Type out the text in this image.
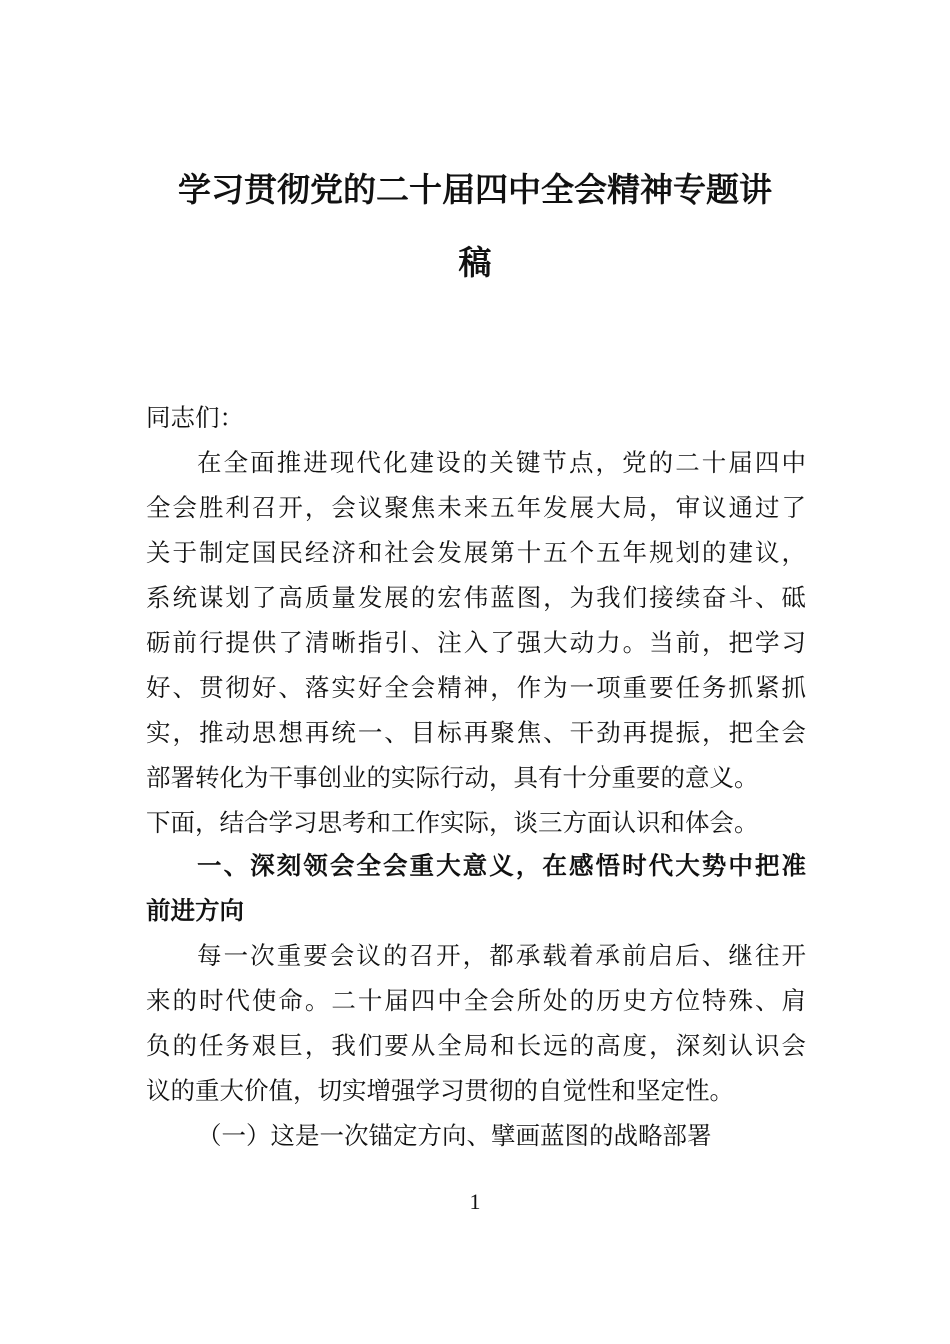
学习贯彻党的二十届四中全会精神专题讲
稿
同志们：
在全面推进现代化建设的关键节点，党的二十届四中
全会胜利召开，会议聚焦未来五年发展大局，审议通过了
关于制定国民经济和社会发展第十五个五年规划的建议，
系统谋划了高质量发展的宏伟蓝图，为我们接续奋斗、砥
砺前行提供了清晰指引、注入了强大动力。当前，把学习
好、贯彻好、落实好全会精神，作为一项重要任务抓紧抓
实，推动思想再统一、目标再聚焦、干劲再提振，把全会
部署转化为干事创业的实际行动，具有十分重要的意义。
下面，结合学习思考和工作实际，谈三方面认识和体会。
一、深刻领会全会重大意义，在感悟时代大势中把准
前进方向
每一次重要会议的召开，都承载着承前启后、继往开
来的时代使命。二十届四中全会所处的历史方位特殊、肩
负的任务艰巨，我们要从全局和长远的高度，深刻认识会
议的重大价值，切实增强学习贯彻的自觉性和坚定性。
（一）这是一次锚定方向、擘画蓝图的战略部署
1
